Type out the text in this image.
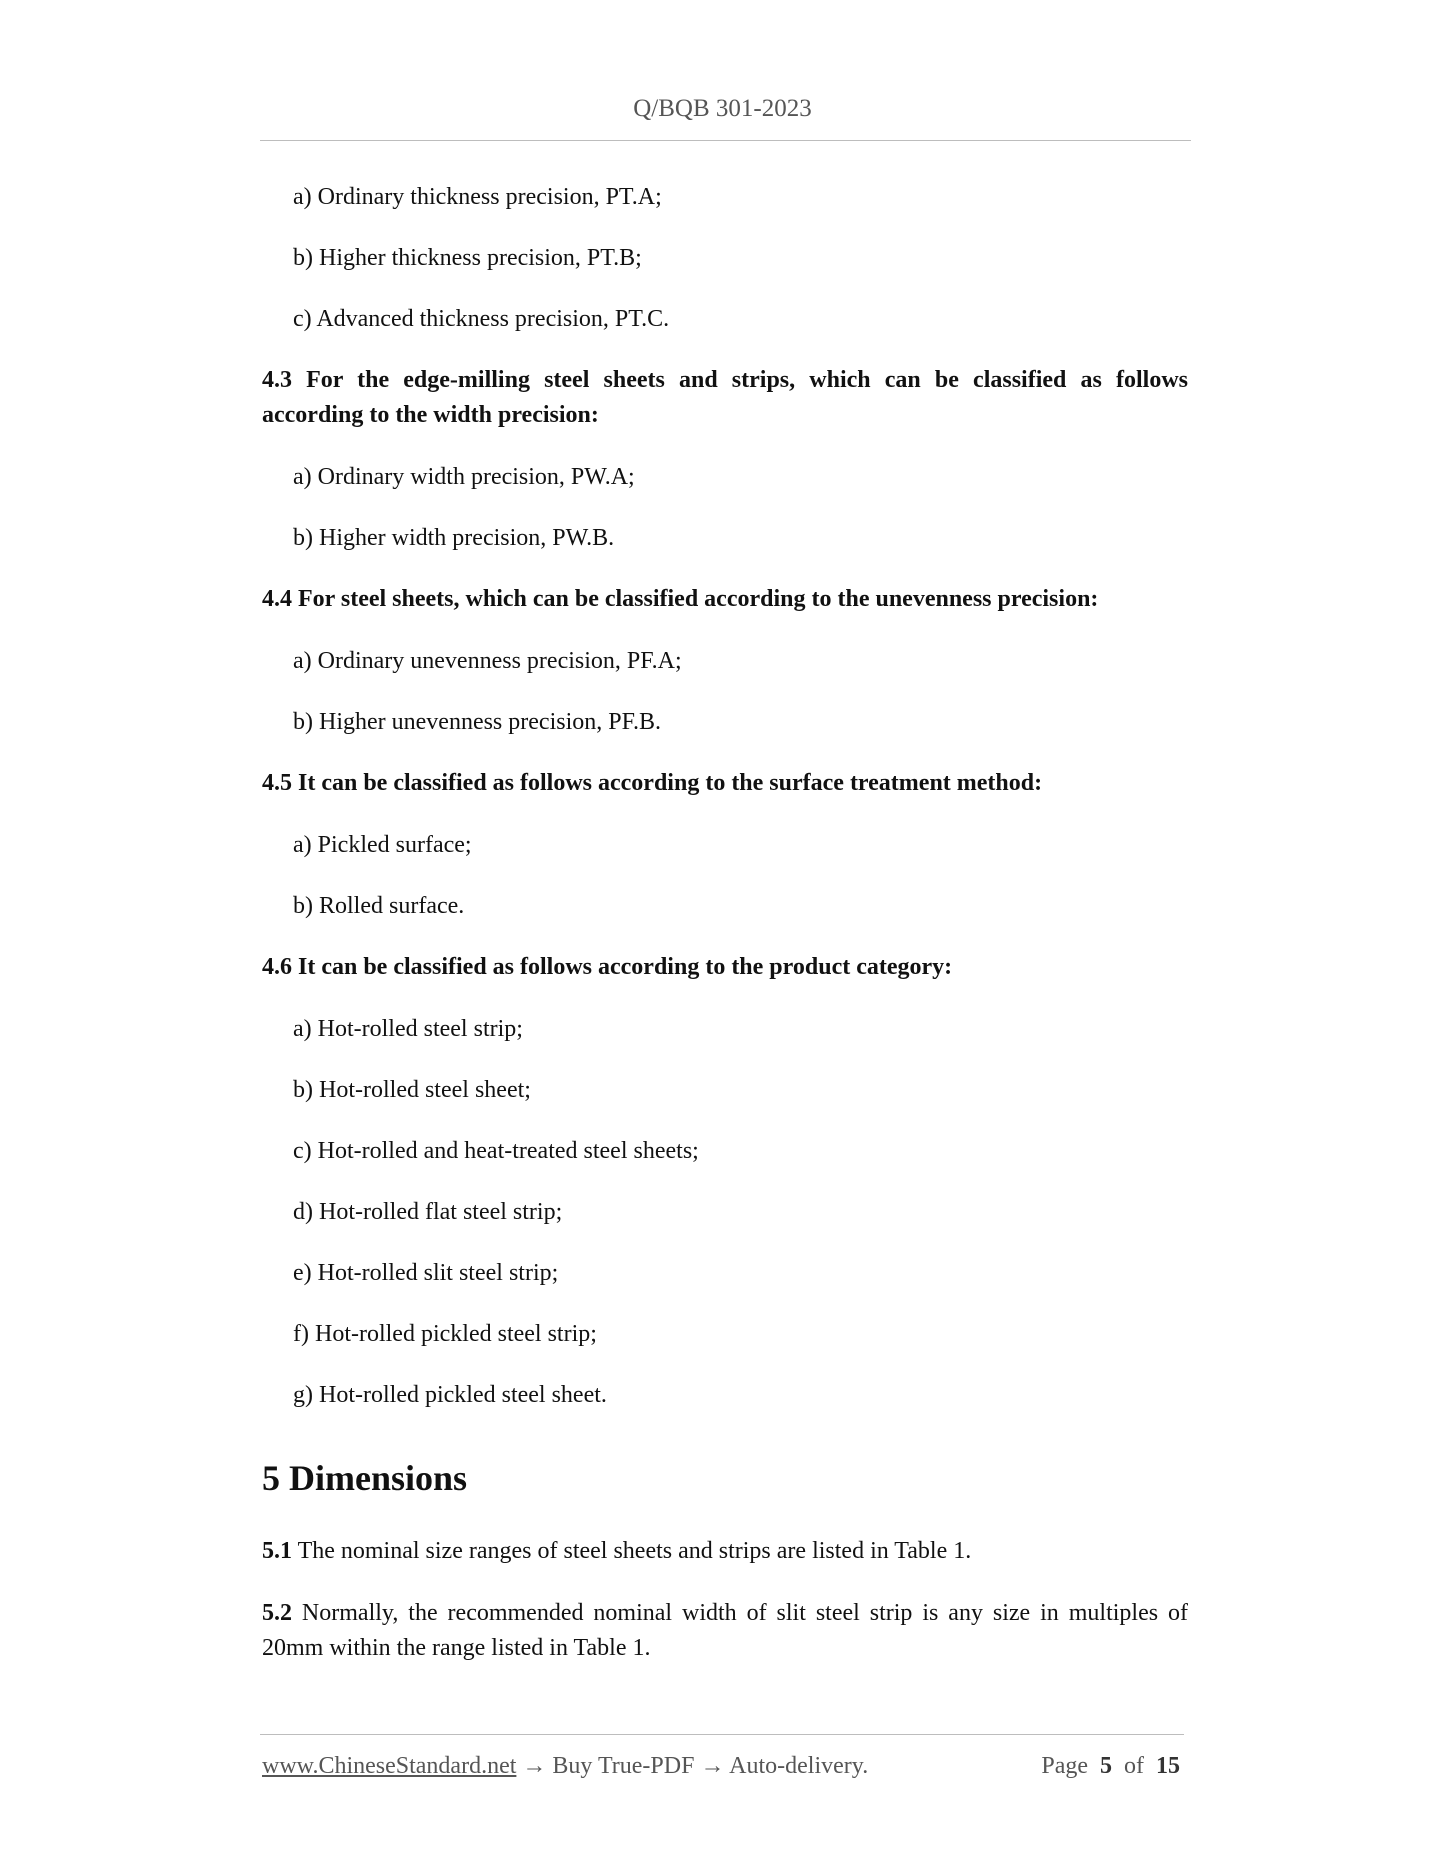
Q/BQB 301-2023

a) Ordinary thickness precision, PT.A;

b) Higher thickness precision, PT.B;

c) Advanced thickness precision, PT.C.

4.3 For the edge-milling steel sheets and strips, which can be classified as follows according to the width precision:

a) Ordinary width precision, PW.A;

b) Higher width precision, PW.B.

4.4 For steel sheets, which can be classified according to the unevenness precision:

a) Ordinary unevenness precision, PF.A;

b) Higher unevenness precision, PF.B.

4.5 It can be classified as follows according to the surface treatment method:

a) Pickled surface;

b) Rolled surface.

4.6 It can be classified as follows according to the product category:

a) Hot-rolled steel strip;

b) Hot-rolled steel sheet;

c) Hot-rolled and heat-treated steel sheets;

d) Hot-rolled flat steel strip;

e) Hot-rolled slit steel strip;

f) Hot-rolled pickled steel strip;

g) Hot-rolled pickled steel sheet.

5 Dimensions

5.1 The nominal size ranges of steel sheets and strips are listed in Table 1.

5.2 Normally, the recommended nominal width of slit steel strip is any size in multiples of 20mm within the range listed in Table 1.

www.ChineseStandard.net → Buy True-PDF → Auto-delivery.	Page 5 of 15
